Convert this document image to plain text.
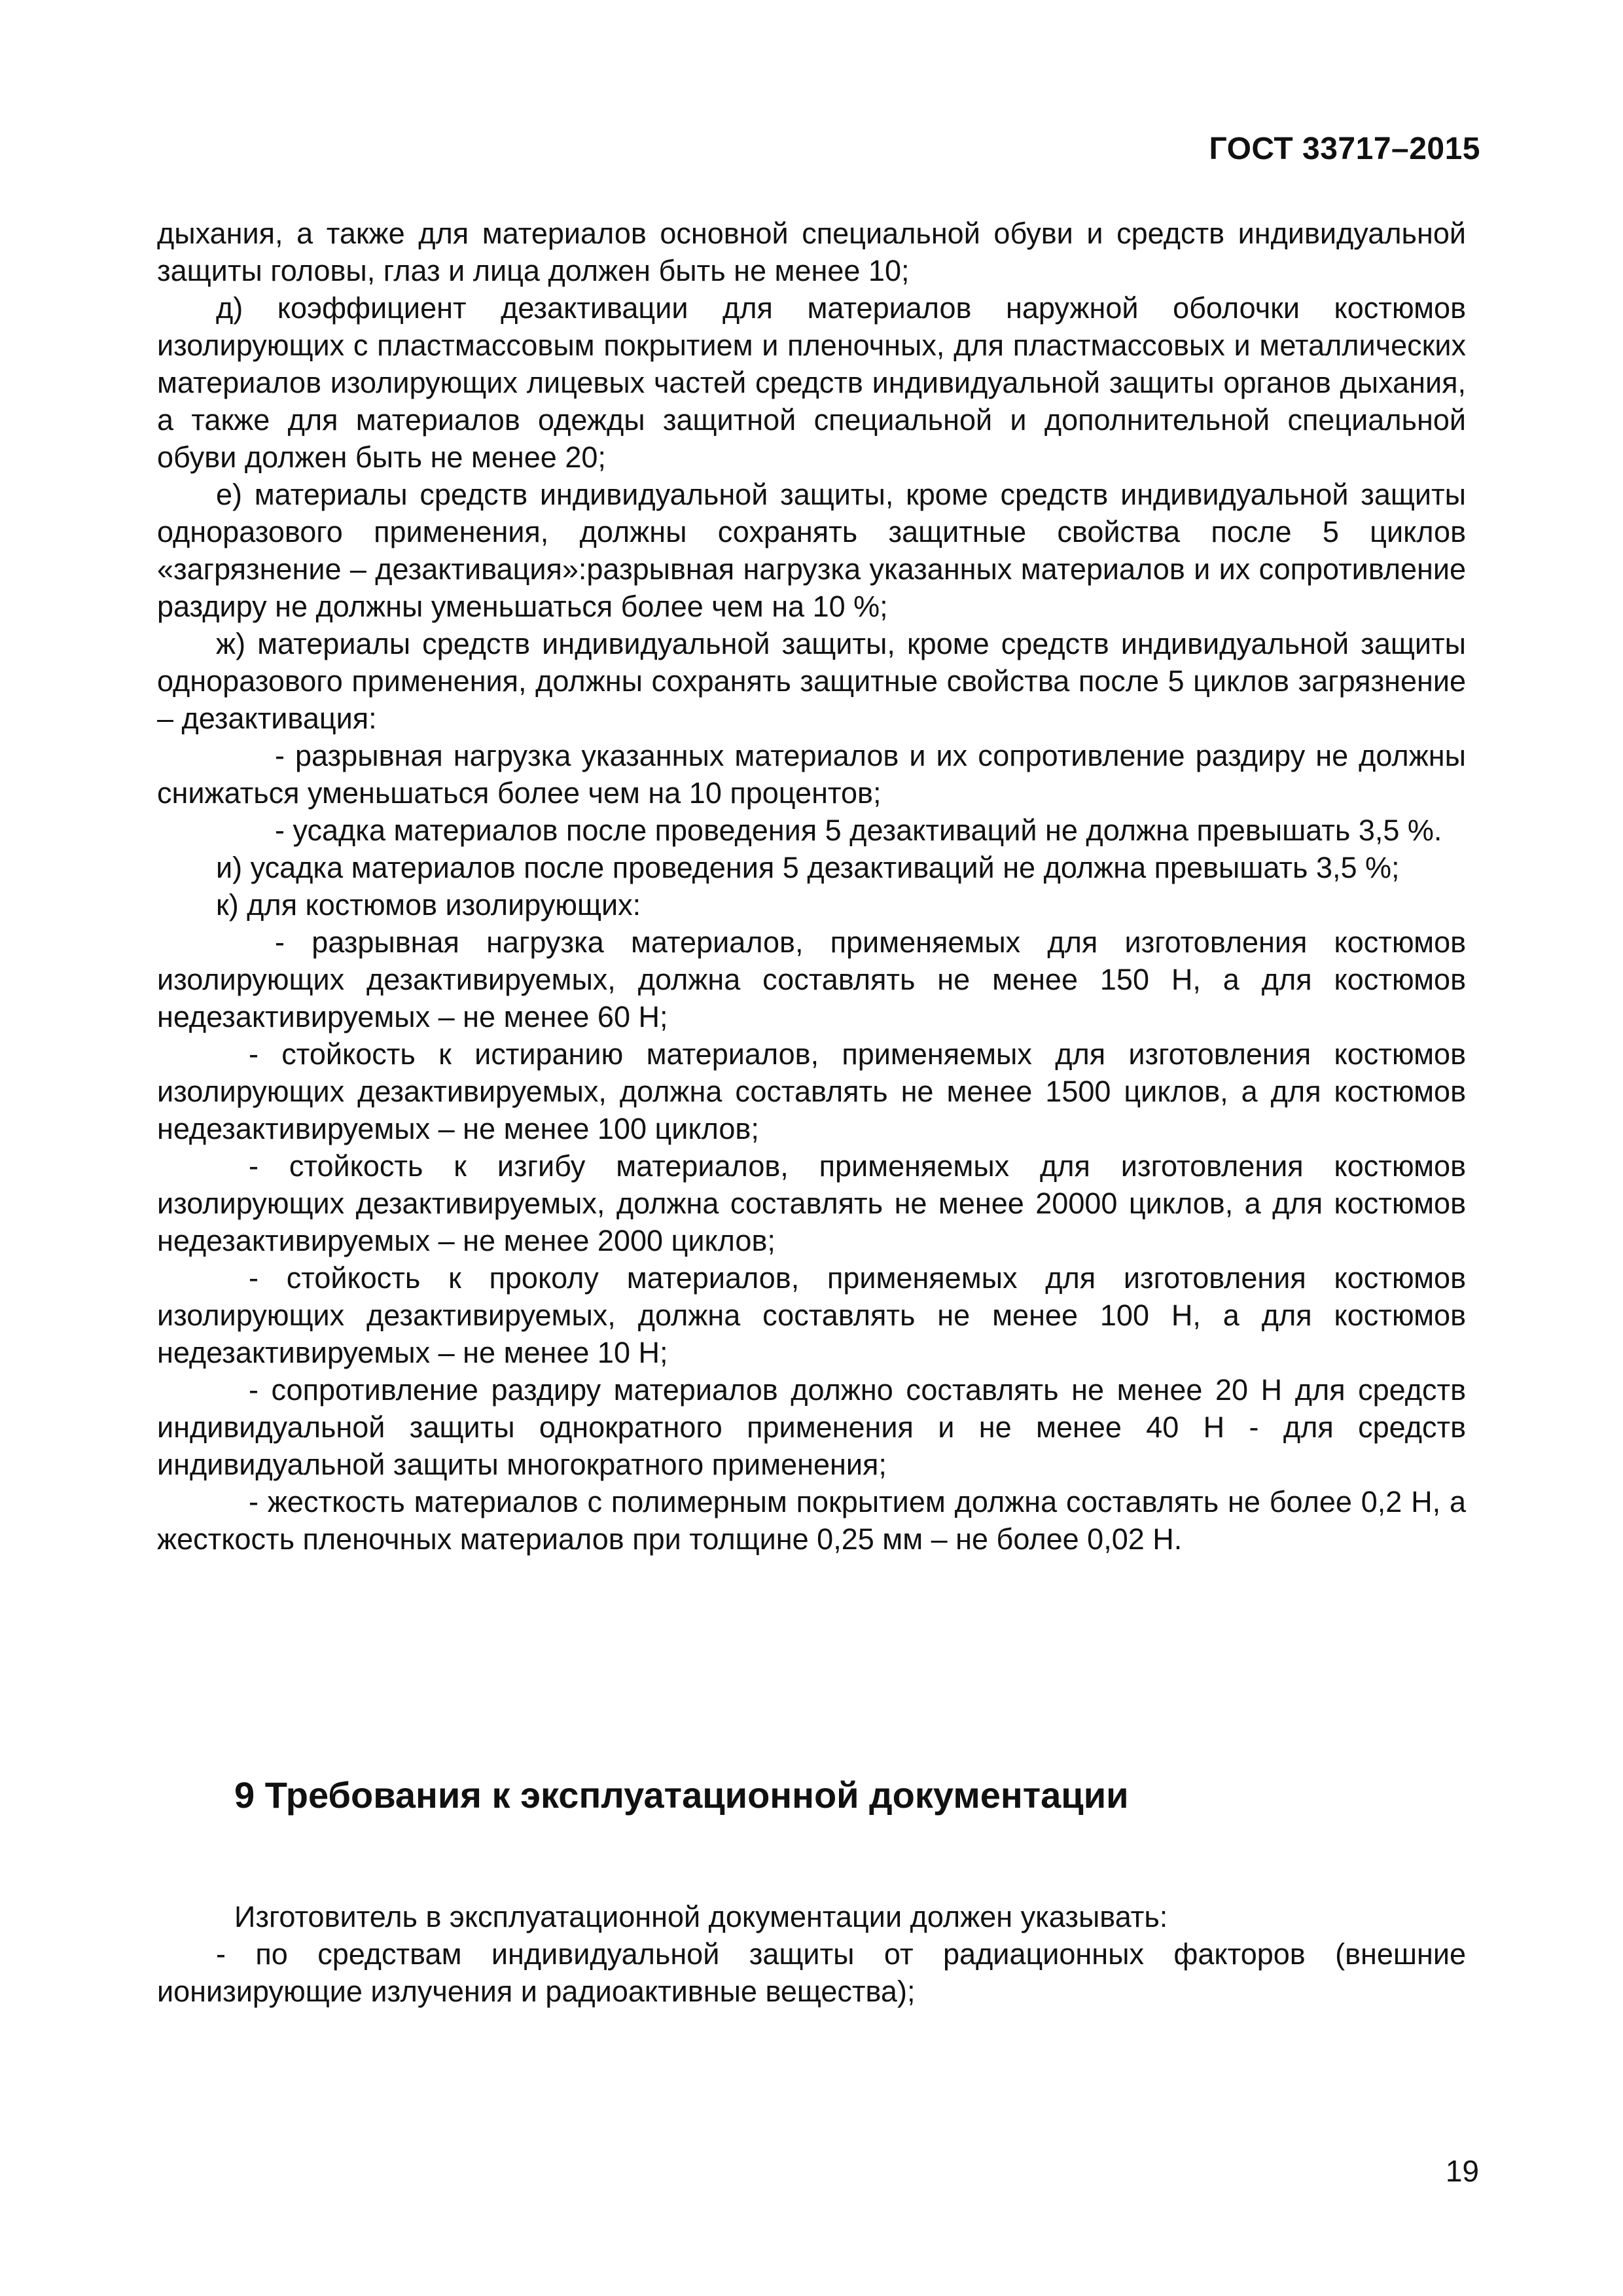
ГОСТ 33717–2015

дыхания, а также для материалов основной специальной обуви и средств индивидуальной защиты головы, глаз и лица должен быть не менее 10;

д) коэффициент дезактивации для материалов наружной оболочки костюмов изолирующих с пластмассовым покрытием и пленочных, для пластмассовых и металлических материалов изолирующих лицевых частей средств индивидуальной защиты органов дыхания, а также для материалов одежды защитной специальной и дополнительной специальной обуви должен быть не менее 20;

е) материалы средств индивидуальной защиты, кроме средств индивидуальной защиты одноразового применения, должны сохранять защитные свойства после 5 циклов «загрязнение – дезактивация»:разрывная нагрузка указанных материалов и их сопротивление раздиру не должны уменьшаться более чем на 10 %;

ж) материалы средств индивидуальной защиты, кроме средств индивидуальной защиты одноразового применения, должны сохранять защитные свойства после 5 циклов загрязнение – дезактивация:

- разрывная нагрузка указанных материалов и их сопротивление раздиру не должны снижаться уменьшаться более чем на 10 процентов;

- усадка материалов после проведения 5 дезактиваций не должна превышать 3,5 %.

и) усадка материалов после проведения 5 дезактиваций не должна превышать 3,5 %;

к) для костюмов изолирующих:

- разрывная нагрузка материалов, применяемых для изготовления костюмов изолирующих дезактивируемых, должна составлять не менее 150 Н, а для костюмов недезактивируемых – не менее 60 Н;

- стойкость к истиранию материалов, применяемых для изготовления костюмов изолирующих дезактивируемых, должна составлять не менее 1500 циклов, а для костюмов недезактивируемых – не менее 100 циклов;

- стойкость к изгибу материалов, применяемых для изготовления костюмов изолирующих дезактивируемых, должна составлять не менее 20000 циклов, а для костюмов недезактивируемых – не менее 2000 циклов;

- стойкость к проколу материалов, применяемых для изготовления костюмов изолирующих дезактивируемых, должна составлять не менее 100 Н, а для костюмов недезактивируемых – не менее 10 Н;

- сопротивление раздиру материалов должно составлять не менее 20 Н для средств индивидуальной защиты однократного применения и не менее 40 Н - для средств индивидуальной защиты многократного применения;

- жесткость материалов с полимерным покрытием должна составлять не более 0,2 Н, а жесткость пленочных материалов при толщине 0,25 мм – не более 0,02 Н.

9 Требования к эксплуатационной документации

Изготовитель в эксплуатационной документации должен указывать:

- по средствам индивидуальной защиты от радиационных факторов (внешние ионизирующие излучения и радиоактивные вещества);

19
